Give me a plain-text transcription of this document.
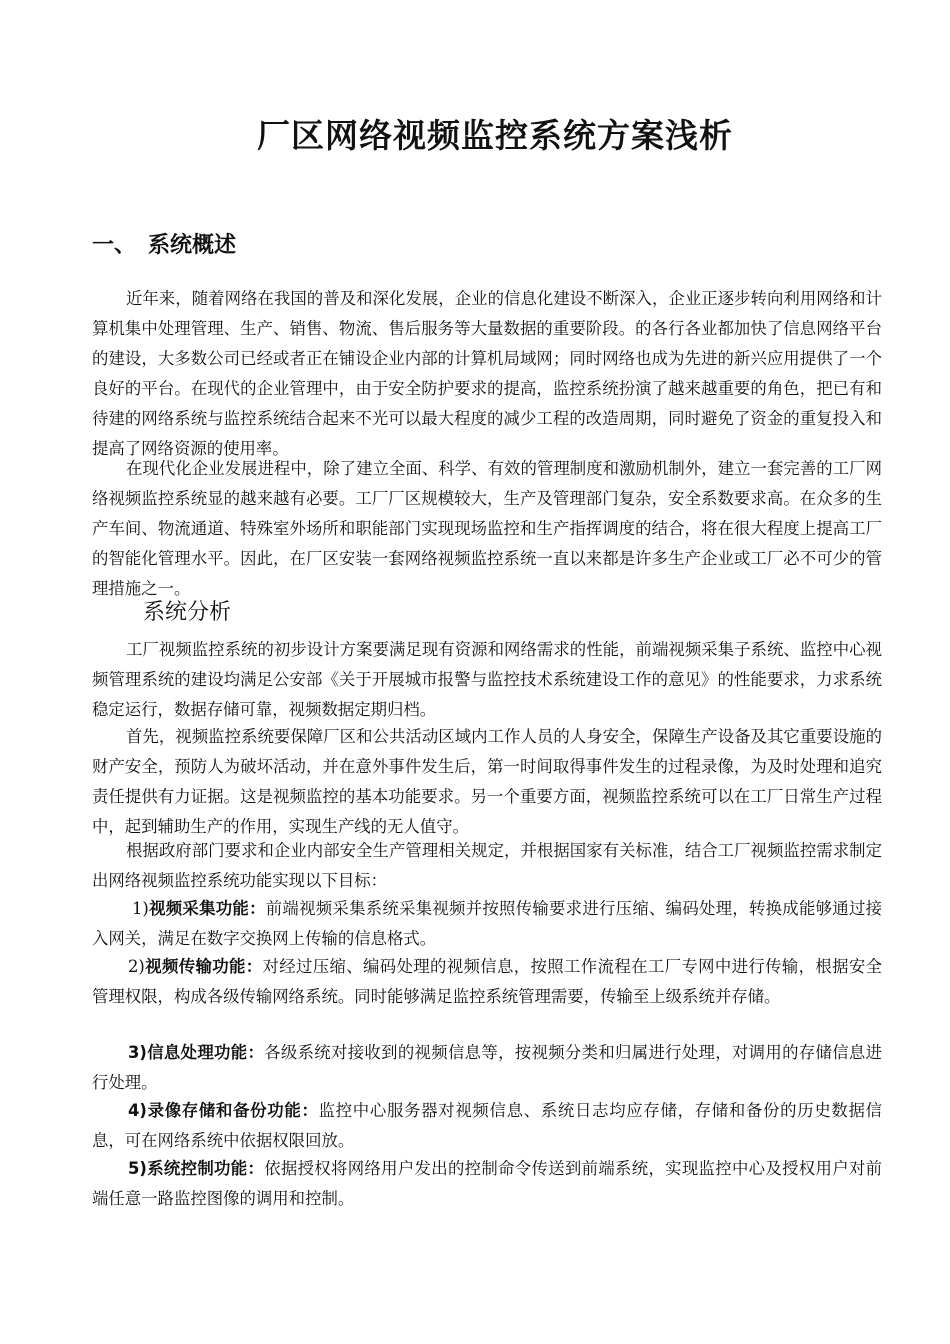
厂区网络视频监控系统方案浅析
一、 系统概述

近年来，随着网络在我国的普及和深化发展，企业的信息化建设不断深入，企业正逐步转向利用网络和计算机集中处理管理、生产、销售、物流、售后服务等大量数据的重要阶段。的各行各业都加快了信息网络平台的建设，大多数公司已经或者正在铺设企业内部的计算机局域网；同时网络也成为先进的新兴应用提供了一个良好的平台。在现代的企业管理中，由于安全防护要求的提高，监控系统扮演了越来越重要的角色，把已有和待建的网络系统与监控系统结合起来不光可以最大程度的减少工程的改造周期，同时避免了资金的重复投入和提高了网络资源的使用率。

在现代化企业发展进程中，除了建立全面、科学、有效的管理制度和激励机制外，建立一套完善的工厂网络视频监控系统显的越来越有必要。工厂厂区规模较大，生产及管理部门复杂，安全系数要求高。在众多的生产车间、物流通道、特殊室外场所和职能部门实现现场监控和生产指挥调度的结合，将在很大程度上提高工厂的智能化管理水平。因此，在厂区安装一套网络视频监控系统一直以来都是许多生产企业或工厂必不可少的管理措施之一。

系统分析

工厂视频监控系统的初步设计方案要满足现有资源和网络需求的性能，前端视频采集子系统、监控中心视频管理系统的建设均满足公安部《关于开展城市报警与监控技术系统建设工作的意见》的性能要求，力求系统稳定运行，数据存储可靠，视频数据定期归档。

首先，视频监控系统要保障厂区和公共活动区域内工作人员的人身安全，保障生产设备及其它重要设施的财产安全，预防人为破坏活动，并在意外事件发生后，第一时间取得事件发生的过程录像，为及时处理和追究责任提供有力证据。这是视频监控的基本功能要求。另一个重要方面，视频监控系统可以在工厂日常生产过程中，起到辅助生产的作用，实现生产线的无人值守。

根据政府部门要求和企业内部安全生产管理相关规定，并根据国家有关标准，结合工厂视频监控需求制定出网络视频监控系统功能实现以下目标：

1)视频采集功能：前端视频采集系统采集视频并按照传输要求进行压缩、编码处理，转换成能够通过接入网关，满足在数字交换网上传输的信息格式。

2)视频传输功能：对经过压缩、编码处理的视频信息，按照工作流程在工厂专网中进行传输，根据安全管理权限，构成各级传输网络系统。同时能够满足监控系统管理需要，传输至上级系统并存储。

3)信息处理功能：各级系统对接收到的视频信息等，按视频分类和归属进行处理，对调用的存储信息进行处理。

4)录像存储和备份功能：监控中心服务器对视频信息、系统日志均应存储，存储和备份的历史数据信息，可在网络系统中依据权限回放。

5)系统控制功能：依据授权将网络用户发出的控制命令传送到前端系统，实现监控中心及授权用户对前端任意一路监控图像的调用和控制。
